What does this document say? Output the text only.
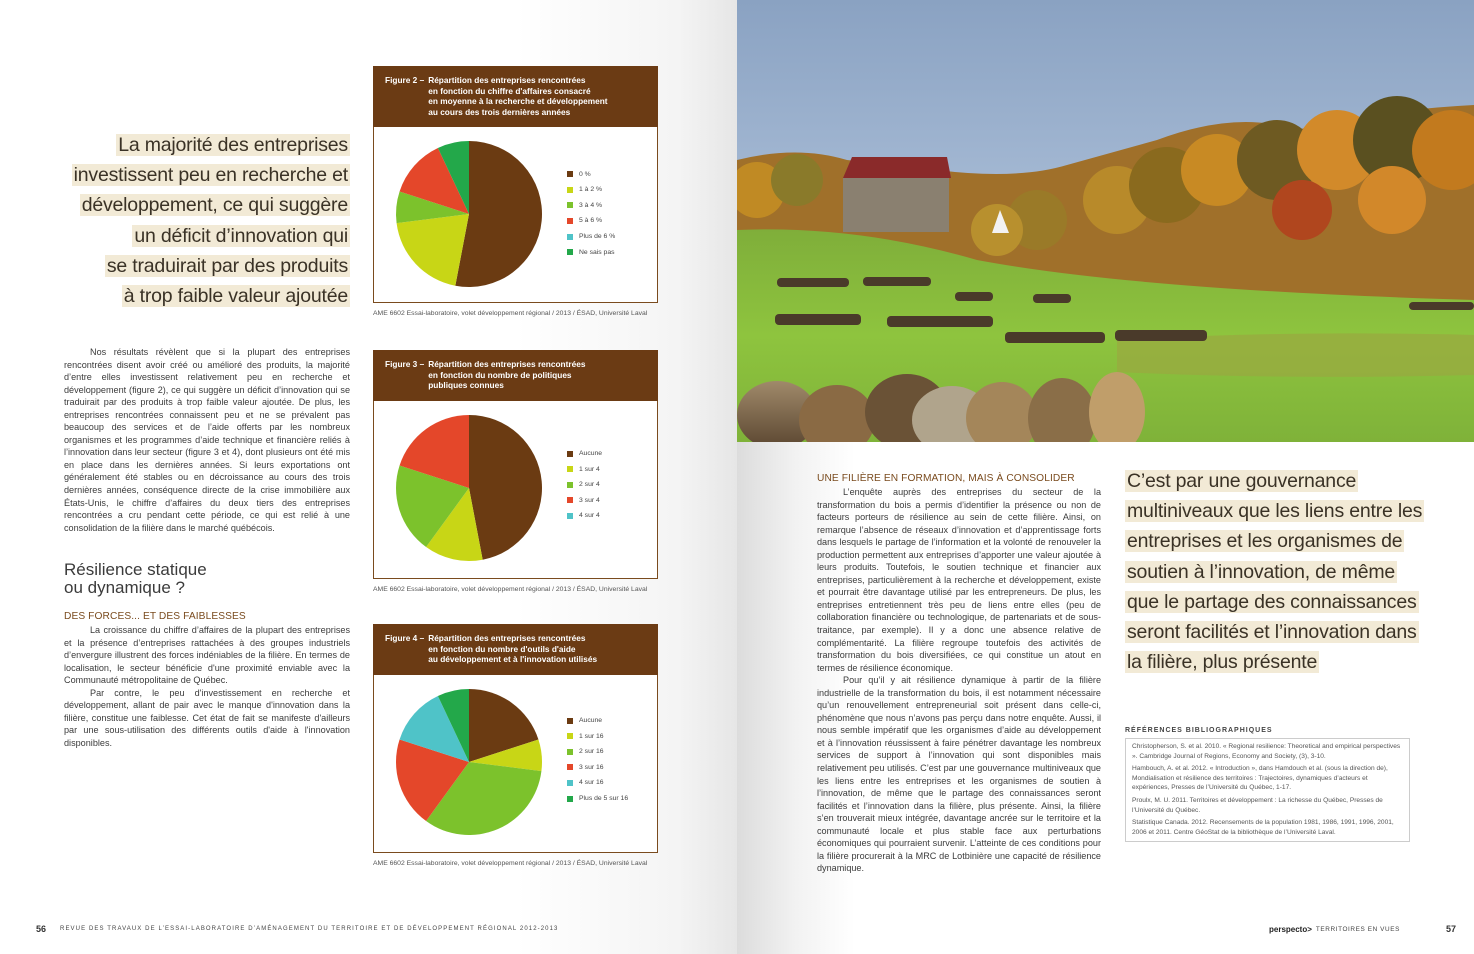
La majorité des entreprises
investissent peu en recherche et
développement, ce qui suggère
un déficit d’innovation qui
se traduirait par des produits
à trop faible valeur ajoutée

Nos résultats révèlent que si la plupart des entreprises rencontrées disent avoir créé ou amélioré des produits, la majorité d’entre elles investissent relativement peu en recherche et développement (figure 2), ce qui suggère un déficit d’innovation qui se traduirait par des produits à trop faible valeur ajoutée. De plus, les entreprises rencontrées connaissent peu et ne se prévalent pas beaucoup des services et de l’aide offerts par les nombreux organismes et les programmes d’aide technique et financière reliés à l’innovation dans leur secteur (figure 3 et 4), dont plusieurs ont été mis en place dans les dernières années. Si leurs exportations ont généralement été stables ou en décroissance au cours des trois dernières années, conséquence directe de la crise immobilière aux États-Unis, le chiffre d’affaires du deux tiers des entreprises rencontrées a cru pendant cette période, ce qui est relié à une consolidation de la filière dans le marché québécois.

Résilience statique
ou dynamique ?
DES FORCES... ET DES FAIBLESSES

La croissance du chiffre d’affaires de la plupart des entreprises et la présence d’entreprises rattachées à des groupes industriels d’envergure illustrent des forces indéniables de la filière. En termes de localisation, le secteur bénéficie d'une proximité enviable avec la Communauté métropolitaine de Québec.

Par contre, le peu d'investissement en recherche et développement, allant de pair avec le manque d'innovation dans la filière, constitue une faiblesse. Cet état de fait se manifeste d'ailleurs par une sous-utilisation des différents outils d'aide à l'innovation disponibles.

Figure 2 – Répartition des entreprises rencontrées
en fonction du chiffre d'affaires consacré
en moyenne à la recherche et développement
au cours des trois dernières années
0 %
1 à 2 %
3 à 4 %
5 à 6 %
Plus de 6 %
Ne sais pas
AME 6602 Essai-laboratoire, volet développement régional / 2013 / ÉSAD, Université Laval
Figure 3 – Répartition des entreprises rencontrées
en fonction du nombre de politiques
publiques connues
Aucune
1 sur 4
2 sur 4
3 sur 4
4 sur 4
AME 6602 Essai-laboratoire, volet développement régional / 2013 / ÉSAD, Université Laval
Figure 4 – Répartition des entreprises rencontrées
en fonction du nombre d'outils d'aide
au développement et à l'innovation utilisés
Aucune
1 sur 16
2 sur 16
3 sur 16
4 sur 16
Plus de 5 sur 16
AME 6602 Essai-laboratoire, volet développement régional / 2013 / ÉSAD, Université Laval
56 REVUE DES TRAVAUX DE L’ESSAI-LABORATOIRE D’AMÉNAGEMENT DU TERRITOIRE ET DE DÉVELOPPEMENT RÉGIONAL 2012-2013
UNE FILIÈRE EN FORMATION, MAIS À CONSOLIDER

L’enquête auprès des entreprises du secteur de la transformation du bois a permis d’identifier la présence ou non de facteurs porteurs de résilience au sein de cette filière. Ainsi, on remarque l’absence de réseaux d’innovation et d’apprentissage forts dans lesquels le partage de l’information et la volonté de renouveler la production permettent aux entreprises d’apporter une valeur ajoutée à leurs produits. Toutefois, le soutien technique et financier aux entreprises, particulièrement à la recherche et développement, existe et pourrait être davantage utilisé par les entrepreneurs. De plus, les entreprises entretiennent très peu de liens entre elles (peu de collaboration financière ou technologique, de partenariats et de sous-traitance, par exemple). Il y a donc une absence relative de complémentarité. La filière regroupe toutefois des activités de transformation du bois diversifiées, ce qui constitue un atout en termes de résilience économique.

Pour qu’il y ait résilience dynamique à partir de la filière industrielle de la transformation du bois, il est notamment nécessaire qu’un renouvellement entrepreneurial soit présent dans celle-ci, phénomène que nous n’avons pas perçu dans notre enquête. Aussi, il nous semble impératif que les organismes d’aide au développement et à l’innovation réussissent à faire pénétrer davantage les nombreux services de support à l’innovation qui sont disponibles mais relativement peu utilisés. C’est par une gouvernance multiniveaux que les liens entre les entreprises et les organismes de soutien à l’innovation, de même que le partage des connaissances seront facilités et l’innovation dans la filière, plus présente. Ainsi, la filière s’en trouverait mieux intégrée, davantage ancrée sur le territoire et la communauté locale et plus stable face aux perturbations économiques qui pourraient survenir. L’atteinte de ces conditions pour la filière procurerait à la MRC de Lotbinière une capacité de résilience dynamique.

C’est par une gouvernance
multiniveaux que les liens entre les
entreprises et les organismes de
soutien à l’innovation, de même
que le partage des connaissances
seront facilités et l’innovation dans
la filière, plus présente
RÉFÉRENCES BIBLIOGRAPHIQUES

Christopherson, S. et al. 2010. « Regional resilience: Theoretical and empirical perspectives ». Cambridge Journal of Regions, Economy and Society, (3), 3-10.

Hambouch, A. et al. 2012. « Introduction », dans Hamdouch et al. (sous la direction de), Mondialisation et résilience des territoires : Trajectoires, dynamiques d’acteurs et expériences, Presses de l’Université du Québec, 1-17.

Proulx, M. U. 2011. Territoires et développement : La richesse du Québec, Presses de l’Université du Québec.

Statistique Canada. 2012. Recensements de la population 1981, 1986, 1991, 1996, 2001, 2006 et 2011. Centre GéoStat de la bibliothèque de l’Université Laval.

perspecto> TERRITOIRES EN VUES	57
